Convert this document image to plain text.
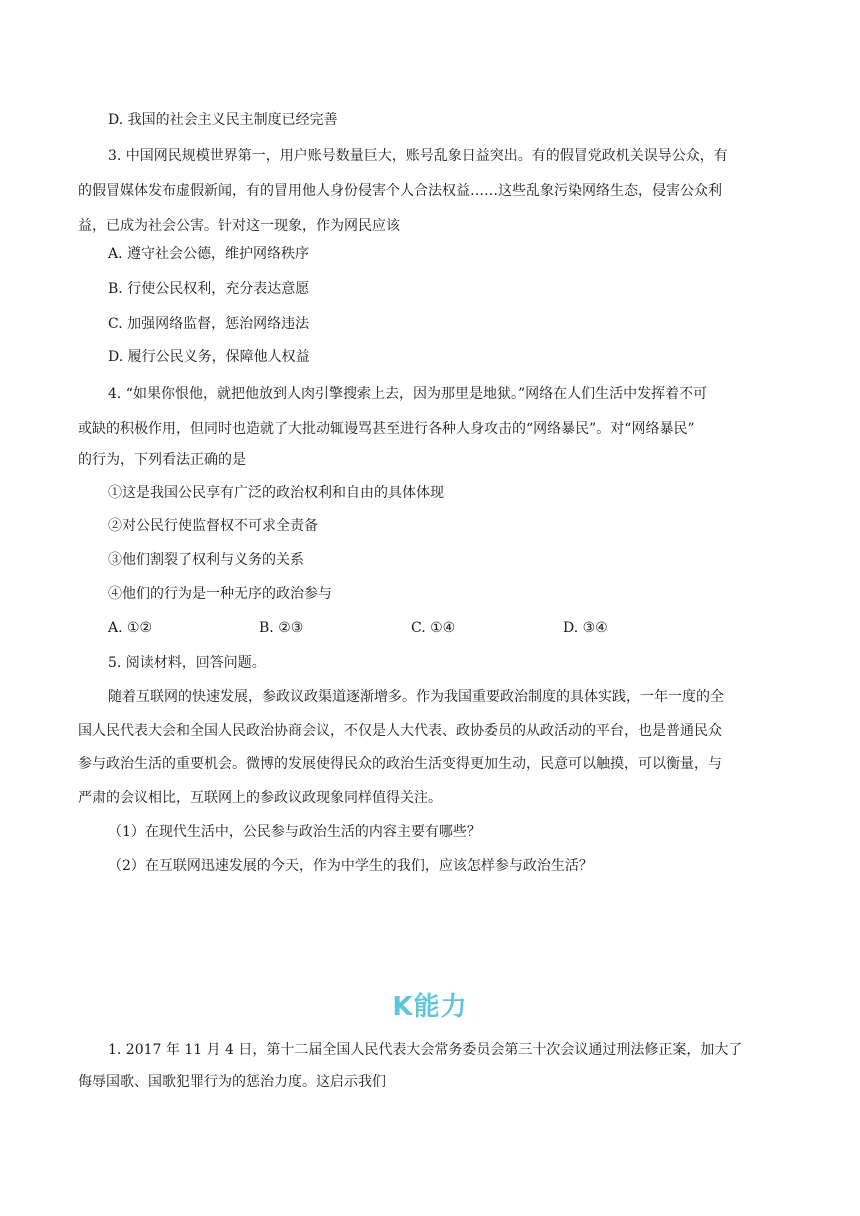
D. 我国的社会主义民主制度已经完善
3. 中国网民规模世界第一，用户账号数量巨大，账号乱象日益突出。有的假冒党政机关误导公众，有
的假冒媒体发布虚假新闻，有的冒用他人身份侵害个人合法权益……这些乱象污染网络生态，侵害公众利
益，已成为社会公害。针对这一现象，作为网民应该
A. 遵守社会公德，维护网络秩序
B. 行使公民权利，充分表达意愿
C. 加强网络监督，惩治网络违法
D. 履行公民义务，保障他人权益
4. “如果你恨他，就把他放到人肉引擎搜索上去，因为那里是地狱。”网络在人们生活中发挥着不可
或缺的积极作用，但同时也造就了大批动辄谩骂甚至进行各种人身攻击的“网络暴民”。对“网络暴民”
的行为，下列看法正确的是
①这是我国公民享有广泛的政治权利和自由的具体体现
②对公民行使监督权不可求全责备
③他们割裂了权利与义务的关系
④他们的行为是一种无序的政治参与
A. ①②	B. ②③	C. ①④	D. ③④
5. 阅读材料，回答问题。
随着互联网的快速发展，参政议政渠道逐渐增多。作为我国重要政治制度的具体实践，一年一度的全
国人民代表大会和全国人民政治协商会议，不仅是人大代表、政协委员的从政活动的平台，也是普通民众
参与政治生活的重要机会。微博的发展使得民众的政治生活变得更加生动，民意可以触摸，可以衡量，与
严肃的会议相比，互联网上的参政议政现象同样值得关注。
（1）在现代生活中，公民参与政治生活的内容主要有哪些？
（2）在互联网迅速发展的今天，作为中学生的我们，应该怎样参与政治生活？
K能力
1. 2017 年 11 月 4 日，第十二届全国人民代表大会常务委员会第三十次会议通过刑法修正案，加大了
侮辱国歌、国歌犯罪行为的惩治力度。这启示我们
